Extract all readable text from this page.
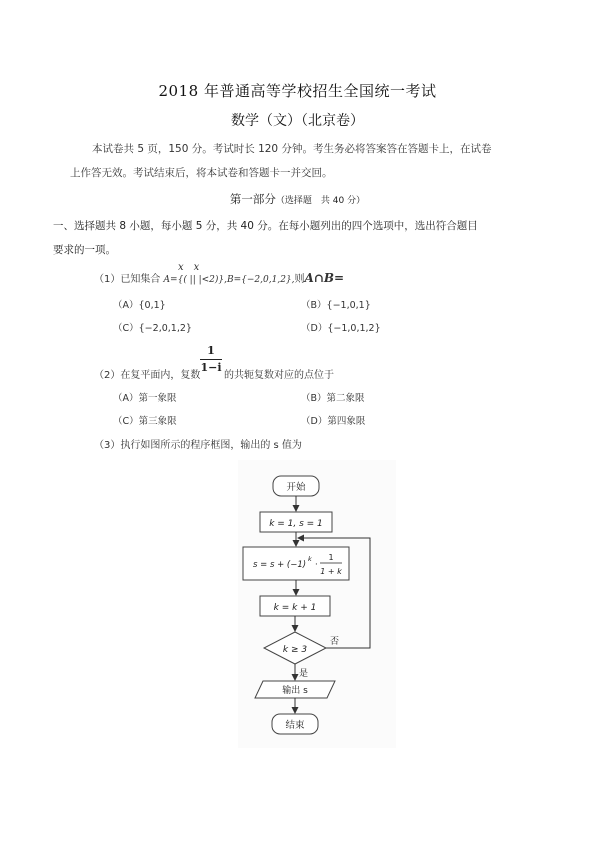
2018 年普通高等学校招生全国统一考试
数学（文）（北京卷）
本试卷共 5 页，150 分。考试时长 120 分钟。考生务必将答案答在答题卡上，在试卷
上作答无效。考试结束后，将本试卷和答题卡一并交回。
第一部分（选择题　共 40 分）
一、选择题共 8 小题，每小题 5 分，共 40 分。在每小题列出的四个选项中，选出符合题目
要求的一项。
x　x
（1）已知集合 A={( || |<2)},B={−2,0,1,2},则A∩B=
（A）{0,1}	（B）{−1,0,1}
（C）{−2,0,1,2}	（D）{−1,0,1,2}
1
1−i
（2）在复平面内，复数 的共轭复数对应的点位于
（A）第一象限	（B）第二象限
（C）第三象限	（D）第四象限
（3）执行如图所示的程序框图，输出的 s 值为
开始
k = 1, s = 1
s = s + (−1)
k
·
1
1 + k
k = k + 1
k ≥ 3
否
是
输出 s
结束
